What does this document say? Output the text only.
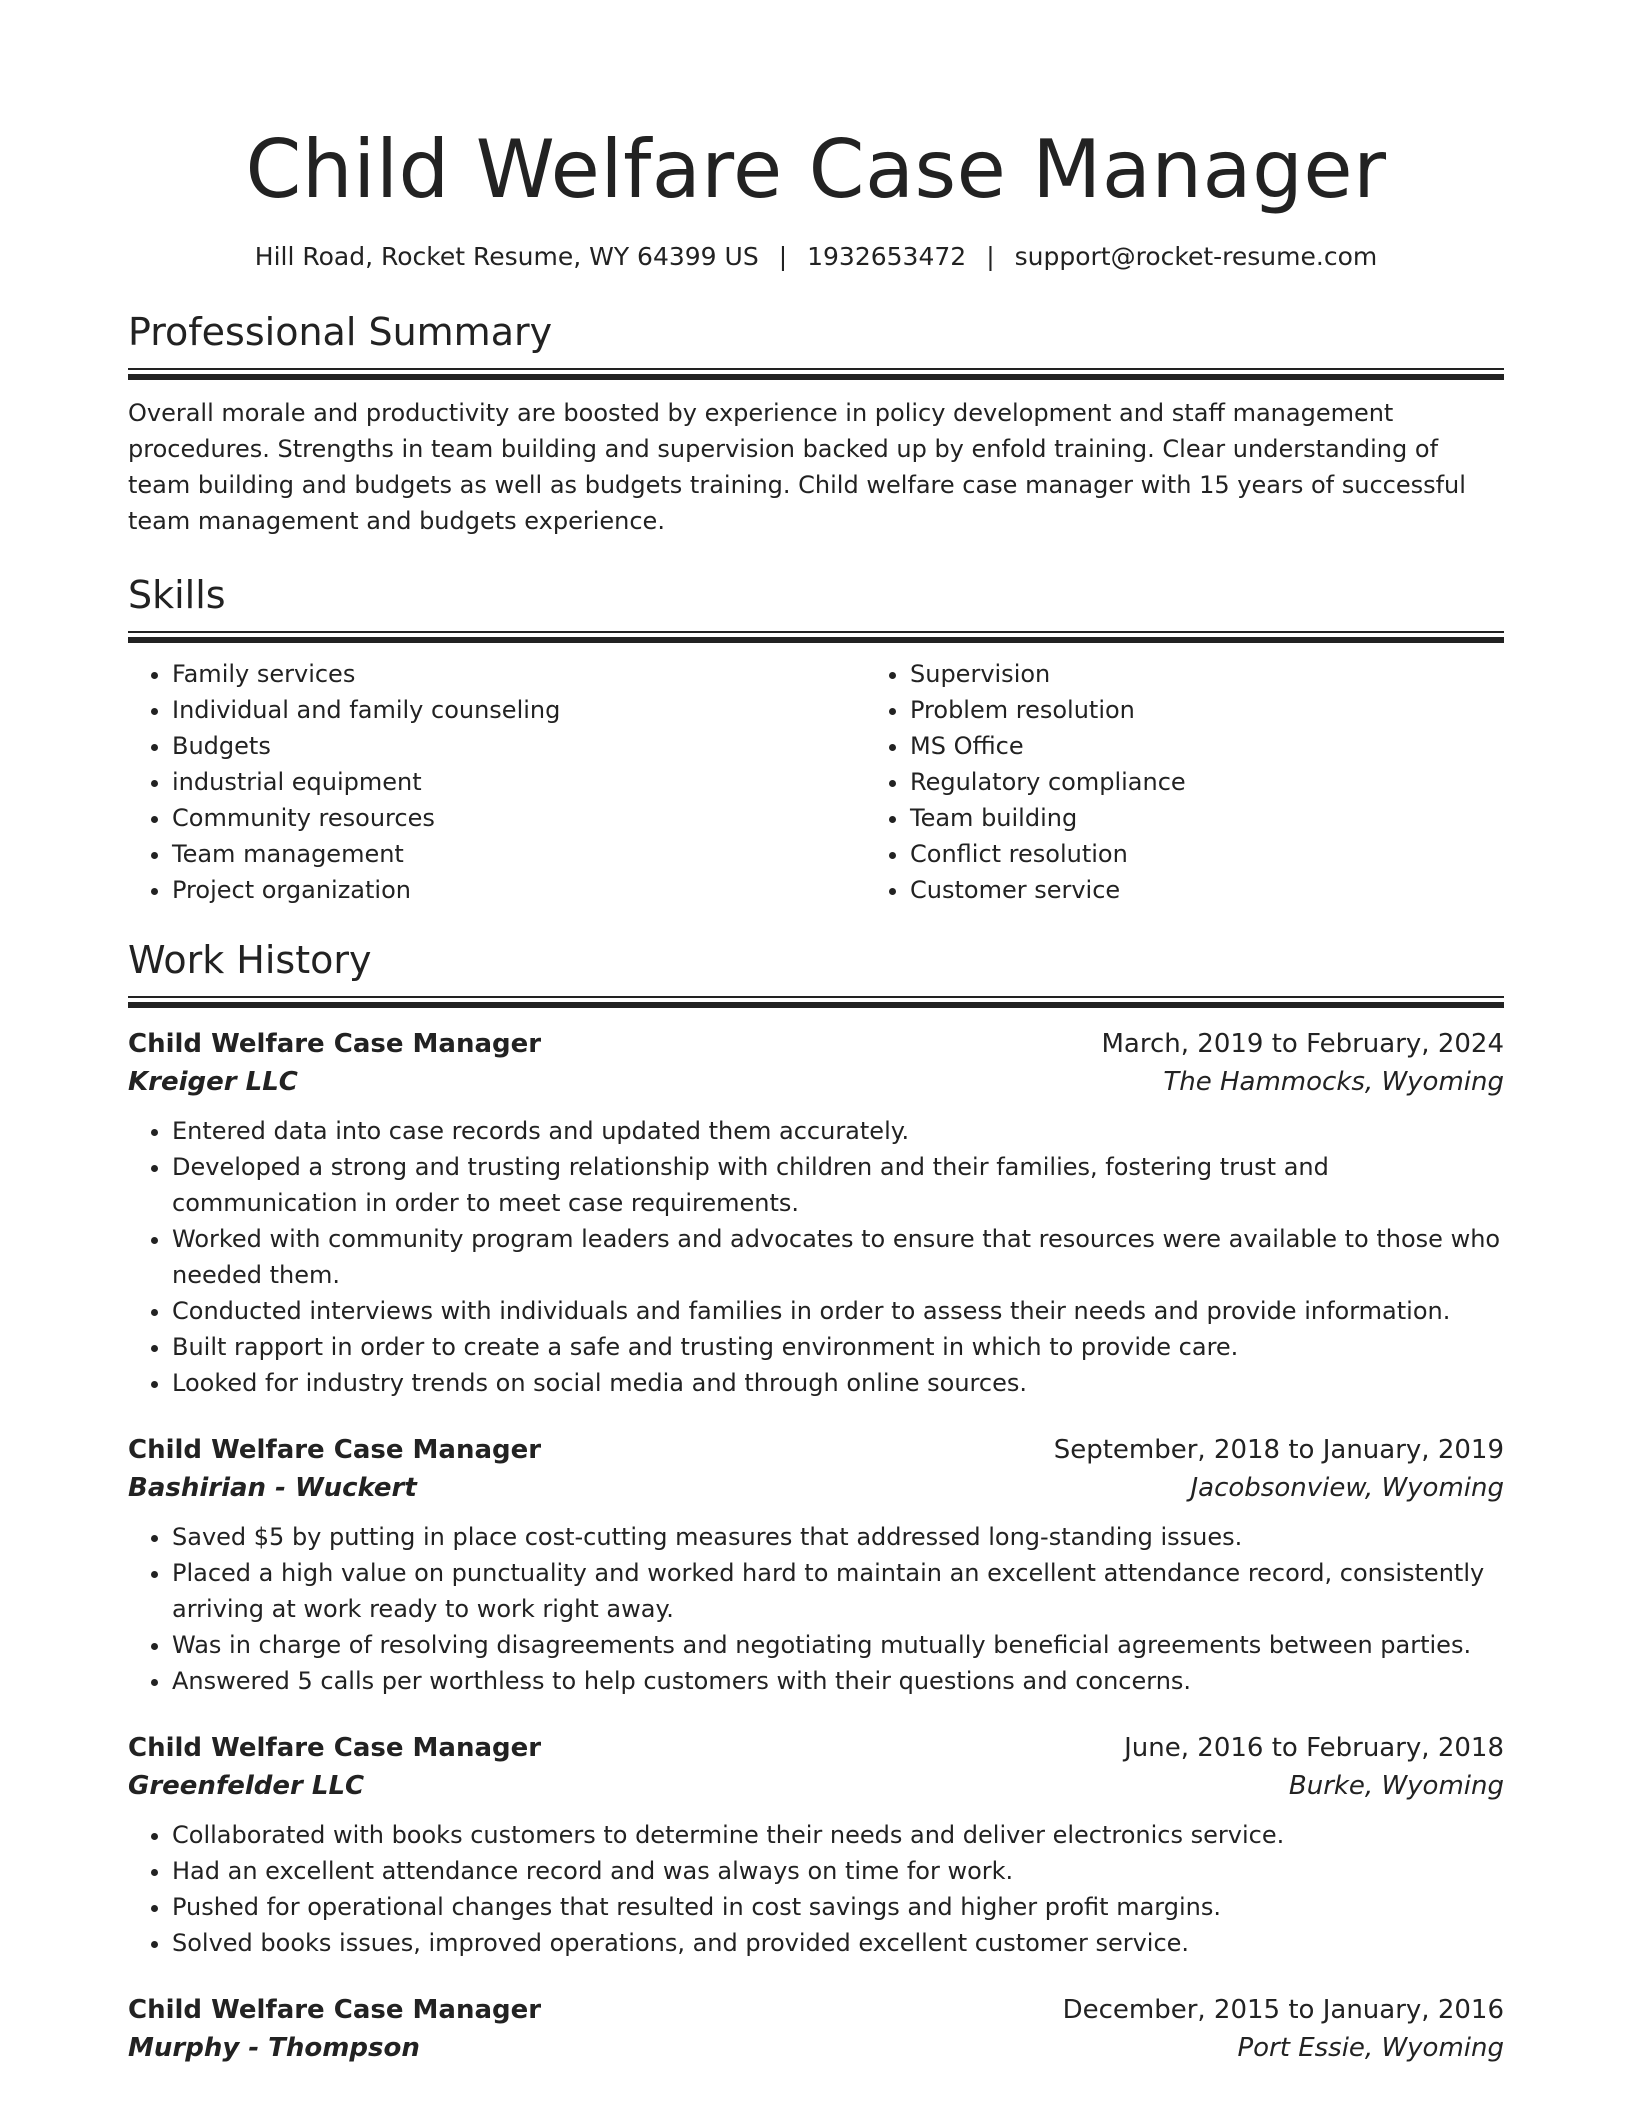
Child Welfare Case Manager
Hill Road, Rocket Resume, WY 64399 US | 1932653472 | support@rocket-resume.com
Professional Summary

Overall morale and productivity are boosted by experience in policy development and staff management procedures. Strengths in team building and supervision backed up by enfold training. Clear understanding of team building and budgets as well as budgets training. Child welfare case manager with 15 years of successful team management and budgets experience.

Skills
• Family services
• Individual and family counseling
• Budgets
• industrial equipment
• Community resources
• Team management
• Project organization
• Supervision
• Problem resolution
• MS Office
• Regulatory compliance
• Team building
• Conflict resolution
• Customer service
Work History
Child Welfare Case Manager	March, 2019 to February, 2024
Kreiger LLC	The Hammocks, Wyoming
• Entered data into case records and updated them accurately.
• Developed a strong and trusting relationship with children and their families, fostering trust and communication in order to meet case requirements.
• Worked with community program leaders and advocates to ensure that resources were available to those who needed them.
• Conducted interviews with individuals and families in order to assess their needs and provide information.
• Built rapport in order to create a safe and trusting environment in which to provide care.
• Looked for industry trends on social media and through online sources.
Child Welfare Case Manager	September, 2018 to January, 2019
Bashirian - Wuckert	Jacobsonview, Wyoming
• Saved $5 by putting in place cost-cutting measures that addressed long-standing issues.
• Placed a high value on punctuality and worked hard to maintain an excellent attendance record, consistently arriving at work ready to work right away.
• Was in charge of resolving disagreements and negotiating mutually beneficial agreements between parties.
• Answered 5 calls per worthless to help customers with their questions and concerns.
Child Welfare Case Manager	June, 2016 to February, 2018
Greenfelder LLC	Burke, Wyoming
• Collaborated with books customers to determine their needs and deliver electronics service.
• Had an excellent attendance record and was always on time for work.
• Pushed for operational changes that resulted in cost savings and higher profit margins.
• Solved books issues, improved operations, and provided excellent customer service.
Child Welfare Case Manager	December, 2015 to January, 2016
Murphy - Thompson	Port Essie, Wyoming
